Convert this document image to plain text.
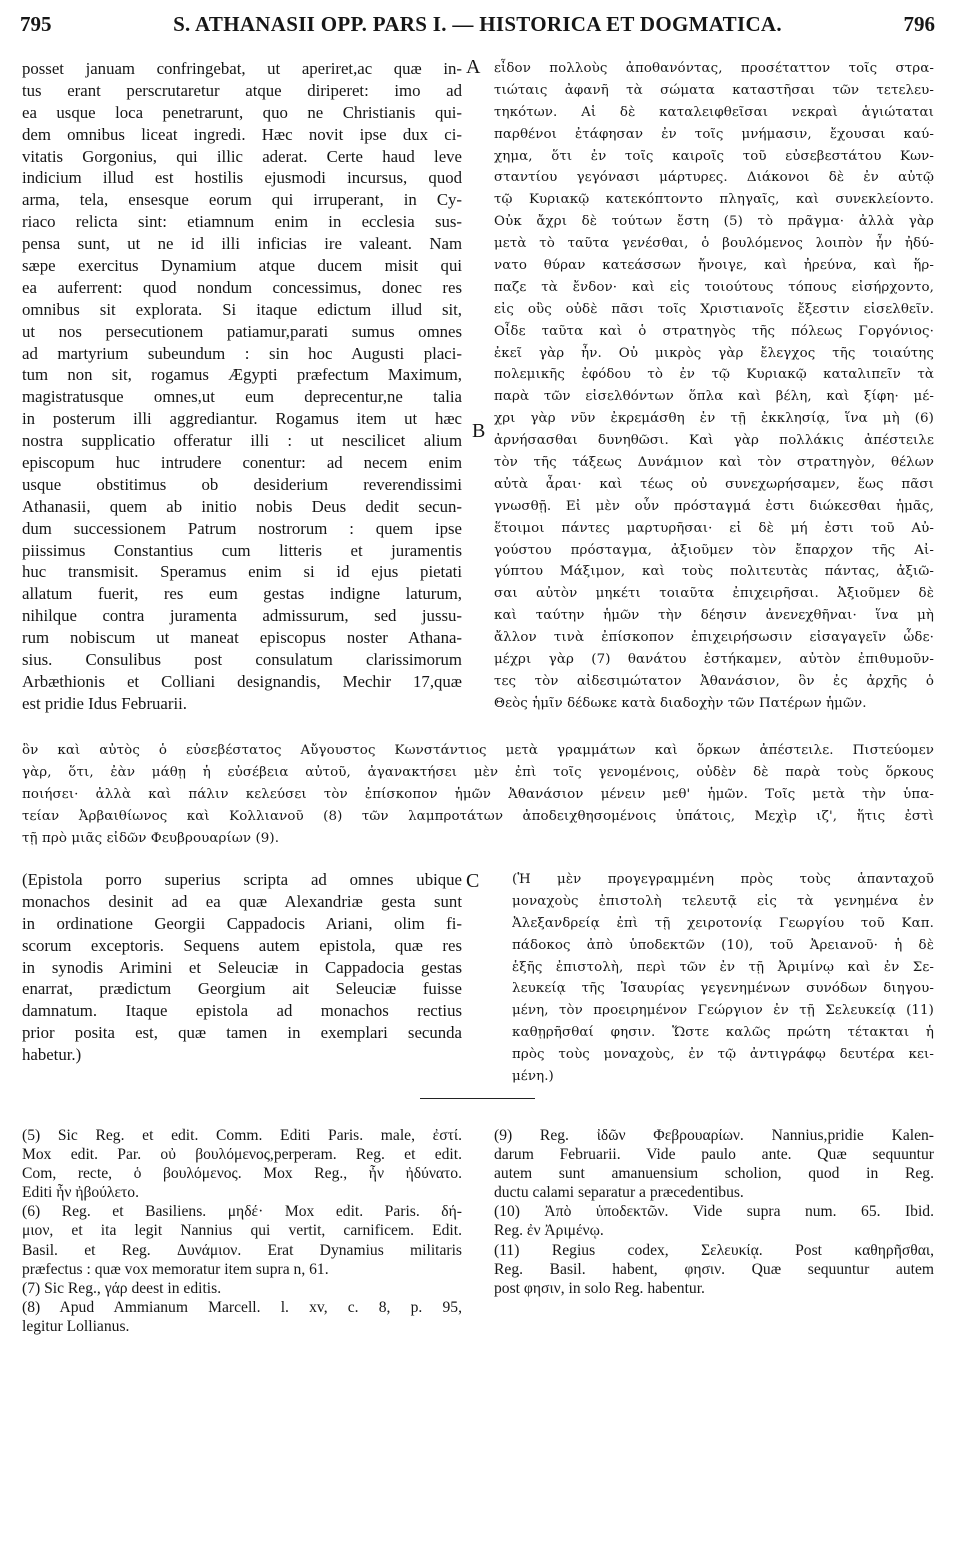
795	S. ATHANASII OPP. PARS I. — HISTORICA ET DOGMATICA.	796
A
B
C
posset januam confringebat, ut aperiret,ac quæ in-
tus erant perscrutaretur atque diriperet: imo ad
ea usque loca penetrarunt, quo ne Christianis qui-
dem omnibus liceat ingredi. Hæc novit ipse dux ci-
vitatis Gorgonius, qui illic aderat. Certe haud leve
indicium illud est hostilis ejusmodi incursus, quod
arma, tela, ensesque eorum qui irruperant, in Cy-
riaco relicta sint: etiamnum enim in ecclesia sus-
pensa sunt, ut ne id illi inficias ire valeant. Nam
sæpe exercitus Dynamium atque ducem misit qui
ea auferrent: quod nondum concessimus, donec res
omnibus sit explorata. Si itaque edictum illud sit,
ut nos persecutionem patiamur,parati sumus omnes
ad martyrium subeundum : sin hoc Augusti placi-
tum non sit, rogamus Ægypti præfectum Maximum,
magistratusque omnes,ut eum deprecentur,ne talia
in posterum illi aggrediantur. Rogamus item ut hæc
nostra supplicatio offeratur illi : ut nescilicet alium
episcopum huc intrudere conentur: ad necem enim
usque obstitimus ob desiderium reverendissimi
Athanasii, quem ab initio nobis Deus dedit secun-
dum successionem Patrum nostrorum : quem ipse
piissimus Constantius cum litteris et juramentis
huc transmisit. Speramus enim si id ejus pietati
allatum fuerit, res eum gestas indigne laturum,
nihilque contra juramenta admissurum, sed jussu-
rum nobiscum ut maneat episcopus noster Athana-
sius. Consulibus post consulatum clarissimorum
Arbæthionis et Colliani designandis, Mechir 17,quæ
est pridie Idus Februarii.
εἶδον πολλοὺς ἀποθανόντας, προσέταττον τοῖς στρα-
τιώταις ἀφανῆ τὰ σώματα καταστῆσαι τῶν τετελευ-
τηκότων. Αἱ δὲ καταλειφθεῖσαι νεκραὶ ἁγιώταται
παρθένοι ἐτάφησαν ἐν τοῖς μνήμασιν, ἔχουσαι καύ-
χημα, ὅτι ἐν τοῖς καιροῖς τοῦ εὐσεβεστάτου Κων-
σταντίου γεγόνασι μάρτυρες. Διάκονοι δὲ ἐν αὐτῷ
τῷ Κυριακῷ κατεκόπτοντο πληγαῖς, καὶ συνεκλείοντο.
Οὐκ ἄχρι δὲ τούτων ἔστη (5) τὸ πρᾶγμα· ἀλλὰ γὰρ
μετὰ τὸ ταῦτα γενέσθαι, ὁ βουλόμενος λοιπὸν ἦν ἠδύ-
νατο θύραν κατεάσσων ἤνοιγε, καὶ ἠρεύνα, καὶ ἥρ-
παζε τὰ ἔνδον· καὶ εἰς τοιούτους τόπους εἰσήρχοντο,
εἰς οὓς οὐδὲ πᾶσι τοῖς Χριστιανοῖς ἔξεστιν εἰσελθεῖν.
Οἶδε ταῦτα καὶ ὁ στρατηγὸς τῆς πόλεως Γοργόνιος·
ἐκεῖ γὰρ ἦν. Οὐ μικρὸς γὰρ ἔλεγχος τῆς τοιαύτης
πολεμικῆς ἐφόδου τὸ ἐν τῷ Κυριακῷ καταλιπεῖν τὰ
παρὰ τῶν εἰσελθόντων ὅπλα καὶ βέλη, καὶ ξίφη· μέ-
χρι γὰρ νῦν ἐκρεμάσθη ἐν τῇ ἐκκλησίᾳ, ἵνα μὴ (6)
ἀρνήσασθαι δυνηθῶσι. Καὶ γὰρ πολλάκις ἀπέστειλε
τὸν τῆς τάξεως Δυνάμιον καὶ τὸν στρατηγὸν, θέλων
αὐτὰ ἆραι· καὶ τέως οὐ συνεχωρήσαμεν, ἕως πᾶσι
γνωσθῇ. Εἰ μὲν οὖν πρόσταγμά ἐστι διώκεσθαι ἡμᾶς,
ἕτοιμοι πάντες μαρτυρῆσαι· εἰ δὲ μή ἐστι τοῦ Αὐ-
γούστου πρόσταγμα, ἀξιοῦμεν τὸν ἔπαρχον τῆς Αἰ-
γύπτου Μάξιμον, καὶ τοὺς πολιτευτὰς πάντας, ἀξιῶ-
σαι αὐτὸν μηκέτι τοιαῦτα ἐπιχειρῆσαι. Ἀξιοῦμεν δὲ
καὶ ταύτην ἡμῶν τὴν δέησιν ἀνενεχθῆναι· ἵνα μὴ
ἄλλον τινὰ ἐπίσκοπον ἐπιχειρήσωσιν εἰσαγαγεῖν ὧδε·
μέχρι γὰρ (7) θανάτου ἐστήκαμεν, αὐτὸν ἐπιθυμοῦν-
τες τὸν αἰδεσιμώτατον Ἀθανάσιον, ὃν ἐς ἀρχῆς ὁ
Θεὸς ἡμῖν δέδωκε κατὰ διαδοχὴν τῶν Πατέρων ἡμῶν.
ὃν καὶ αὐτὸς ὁ εὐσεβέστατος Αὔγουστος Κωνστάντιος μετὰ γραμμάτων καὶ ὅρκων ἀπέστειλε. Πιστεύομεν
γὰρ, ὅτι, ἐὰν μάθῃ ἡ εὐσέβεια αὐτοῦ, ἀγανακτήσει μὲν ἐπὶ τοῖς γενομένοις, οὐδὲν δὲ παρὰ τοὺς ὅρκους
ποιήσει· ἀλλὰ καὶ πάλιν κελεύσει τὸν ἐπίσκοπον ἡμῶν Ἀθανάσιον μένειν μεθ' ἡμῶν. Τοῖς μετὰ τὴν ὑπα-
τείαν Ἀρβαιθίωνος καὶ Κολλιανοῦ (8) τῶν λαμπροτάτων ἀποδειχθησομένοις ὑπάτοις, Μεχὶρ ιζ', ἥτις ἐστὶ
τῇ πρὸ μιᾶς εἰδῶν Φευβρουαρίων (9).
(Epistola porro superius scripta ad omnes ubique
monachos desinit ad ea quæ Alexandriæ gesta sunt
in ordinatione Georgii Cappadocis Ariani, olim fi-
scorum exceptoris. Sequens autem epistola, quæ res
in synodis Arimini et Seleuciæ in Cappadocia gestas
enarrat, prædictum Georgium ait Seleuciæ fuisse
damnatum. Itaque epistola ad monachos rectius
prior posita est, quæ tamen in exemplari secunda
habetur.)
(Ἡ μὲν προγεγραμμένη πρὸς τοὺς ἁπανταχοῦ
μοναχοὺς ἐπιστολὴ τελευτᾷ εἰς τὰ γενημένα ἐν
Ἀλεξανδρείᾳ ἐπὶ τῇ χειροτονίᾳ Γεωργίου τοῦ Καπ.
πάδοκος ἀπὸ ὑποδεκτῶν (10), τοῦ Ἀρειανοῦ· ἡ δὲ
ἑξῆς ἐπιστολὴ, περὶ τῶν ἐν τῇ Ἀριμίνῳ καὶ ἐν Σε-
λευκείᾳ τῆς Ἰσαυρίας γεγενημένων συνόδων διηγου-
μένη, τὸν προειρημένον Γεώργιον ἐν τῇ Σελευκείᾳ (11)
καθῃρῆσθαί φησιν. Ὥστε καλῶς πρώτη τέτακται ἡ
πρὸς τοὺς μοναχοὺς, ἐν τῷ ἀντιγράφῳ δευτέρα κει-
μένη.)
(5) Sic Reg. et edit. Comm. Editi Paris. male, ἐστί.
Mox edit. Par. οὐ βουλόμενος,perperam. Reg. et edit.
Com, recte, ὁ βουλόμενος. Mox Reg., ἦν ἠδύνατο.
Editi ἦν ἠβούλετο.
(6) Reg. et Basiliens. μηδέ· Mox edit. Paris. δή-
μιον, et ita legit Nannius qui vertit, carnificem. Edit.
Basil. et Reg. Δυνάμιον. Erat Dynamius militaris
præfectus : quæ vox memoratur item supra n, 61.
(7) Sic Reg., γάρ deest in editis.
(8) Apud Ammianum Marcell. l. xv, c. 8, p. 95,
legitur Lollianus.
(9) Reg. ἰδῶν Φεβρουαρίων. Nannius,pridie Kalen-
darum Februarii. Vide paulo ante. Quæ sequuntur
autem sunt amanuensium scholion, quod in Reg.
ductu calami separatur a præcedentibus.
(10) Ἀπὸ ὑποδεκτῶν. Vide supra num. 65. Ibid.
Reg. ἐν Ἀριμένῳ.
(11) Regius codex, Σελευκίᾳ. Post καθηρῆσθαι,
Reg. Basil. habent, φησιν. Quæ sequuntur autem
post φησιν, in solo Reg. habentur.
